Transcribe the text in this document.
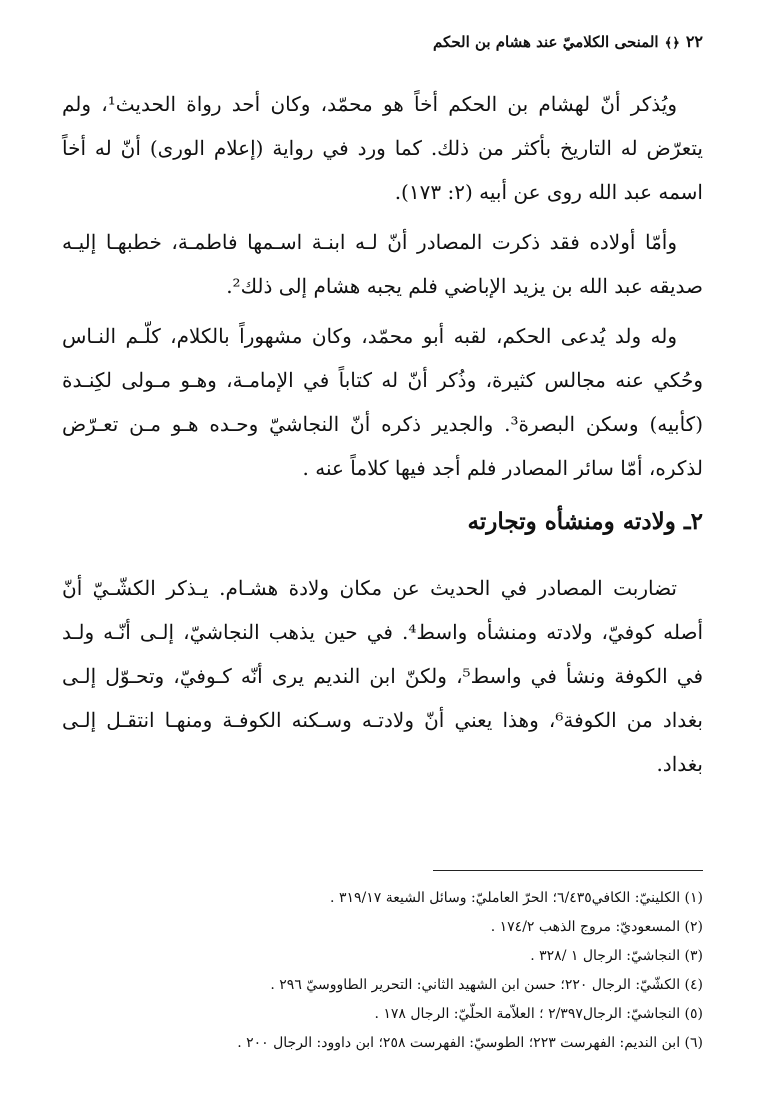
٢٢
﴿﴾
المنحى الكلاميّ عند هشام بن الحكم

ويُذكر أنّ لهشام بن الحكم أخاً هو محمّد، وكان أحد رواة الحديث¹، ولم يتعرّض له التاريخ بأكثر من ذلك. كما ورد في رواية (إعلام الورى) أنّ له أخاً اسمه عبد الله روى عن أبيه (٢: ١٧٣).

وأمّا أولاده فقد ذكرت المصادر أنّ لـه ابنـة اسـمها فاطمـة، خطبهـا إليـه صديقه عبد الله بن يزيد الإباضي فلم يجبه هشام إلى ذلك².

وله ولد يُدعى الحكم، لقبه أبو محمّد، وكان مشهوراً بالكلام، كلّـم النـاس وحُكي عنه مجالس كثيرة، وذُكر أنّ له كتاباً في الإمامـة، وهـو مـولى لكِنـدة (كأبيه) وسكن البصرة³. والجدير ذكره أنّ النجاشيّ وحـده هـو مـن تعـرّض لذكره، أمّا سائر المصادر فلم أجد فيها كلاماً عنه .

٢ـ ولادته ومنشأه وتجارته

تضاربت المصادر في الحديث عن مكان ولادة هشـام. يـذكر الكشّـيّ أنّ أصله كوفيّ، ولادته ومنشأه واسط⁴. في حين يذهب النجاشيّ، إلـى أنّـه ولـد في الكوفة ونشأ في واسط⁵، ولكنّ ابن النديم يرى أنّه كـوفيّ، وتحـوّل إلـى بغداد من الكوفة⁶، وهذا يعني أنّ ولادتـه وسـكنه الكوفـة ومنهـا انتقـل إلـى بغداد.

(١) الكلينيّ: الكافي٦/٤٣٥؛ الحرّ العامليّ: وسائل الشيعة ٣١٩/١٧ .
(٢) المسعوديّ: مروج الذهب ١٧٤/٢ .
(٣) النجاشيّ: الرجال ١ /٣٢٨ .
(٤) الكشّيّ: الرجال ٢٢٠؛ حسن ابن الشهيد الثاني: التحرير الطاووسيّ ٢٩٦ .
(٥) النجاشيّ: الرجال٢/٣٩٧ ؛ العلاّمة الحلّيّ: الرجال ١٧٨ .
(٦) ابن النديم: الفهرست ٢٢٣؛ الطوسيّ: الفهرست ٢٥٨؛ ابن داوود: الرجال ٢٠٠ .
